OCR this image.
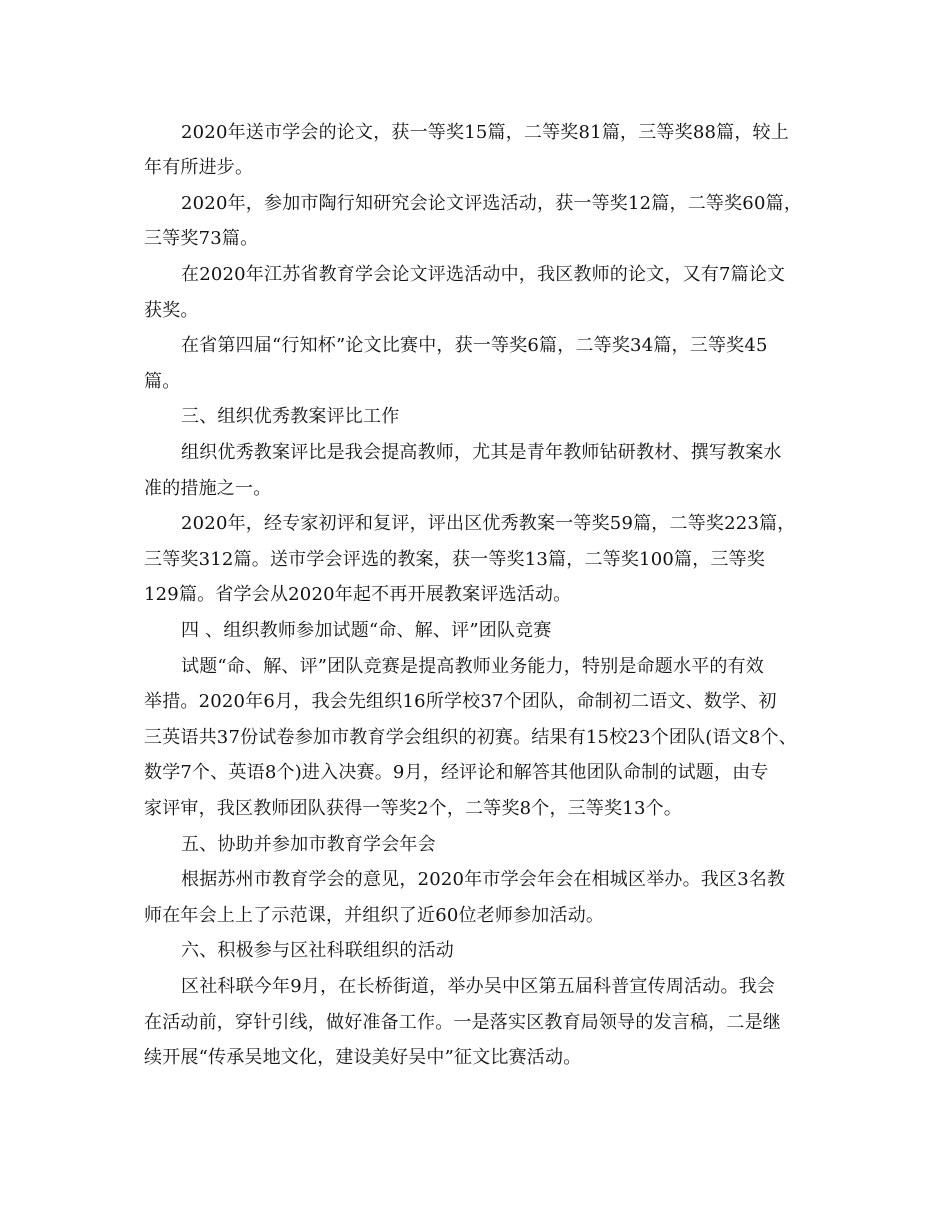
2020年送市学会的论文，获一等奖15篇，二等奖81篇，三等奖88篇，较上
年有所进步。
2020年，参加市陶行知研究会论文评选活动，获一等奖12篇，二等奖60篇，
三等奖73篇。
在2020年江苏省教育学会论文评选活动中，我区教师的论文，又有7篇论文
获奖。
在省第四届“行知杯”论文比赛中，获一等奖6篇，二等奖34篇，三等奖45
篇。
三、组织优秀教案评比工作
组织优秀教案评比是我会提高教师，尤其是青年教师钻研教材、撰写教案水
准的措施之一。
2020年，经专家初评和复评，评出区优秀教案一等奖59篇，二等奖223篇，
三等奖312篇。送市学会评选的教案，获一等奖13篇，二等奖100篇，三等奖
129篇。省学会从2020年起不再开展教案评选活动。
四 、组织教师参加试题“命、解、评”团队竞赛
试题“命、解、评”团队竞赛是提高教师业务能力，特别是命题水平的有效
举措。2020年6月，我会先组织16所学校37个团队，命制初二语文、数学、初
三英语共37份试卷参加市教育学会组织的初赛。结果有15校23个团队(语文8个、
数学7个、英语8个)进入决赛。9月，经评论和解答其他团队命制的试题，由专
家评审，我区教师团队获得一等奖2个，二等奖8个，三等奖13个。
五、协助并参加市教育学会年会
根据苏州市教育学会的意见，2020年市学会年会在相城区举办。我区3名教
师在年会上上了示范课，并组织了近60位老师参加活动。
六、积极参与区社科联组织的活动
区社科联今年9月，在长桥街道，举办吴中区第五届科普宣传周活动。我会
在活动前，穿针引线，做好准备工作。一是落实区教育局领导的发言稿，二是继
续开展“传承吴地文化，建设美好吴中”征文比赛活动。
